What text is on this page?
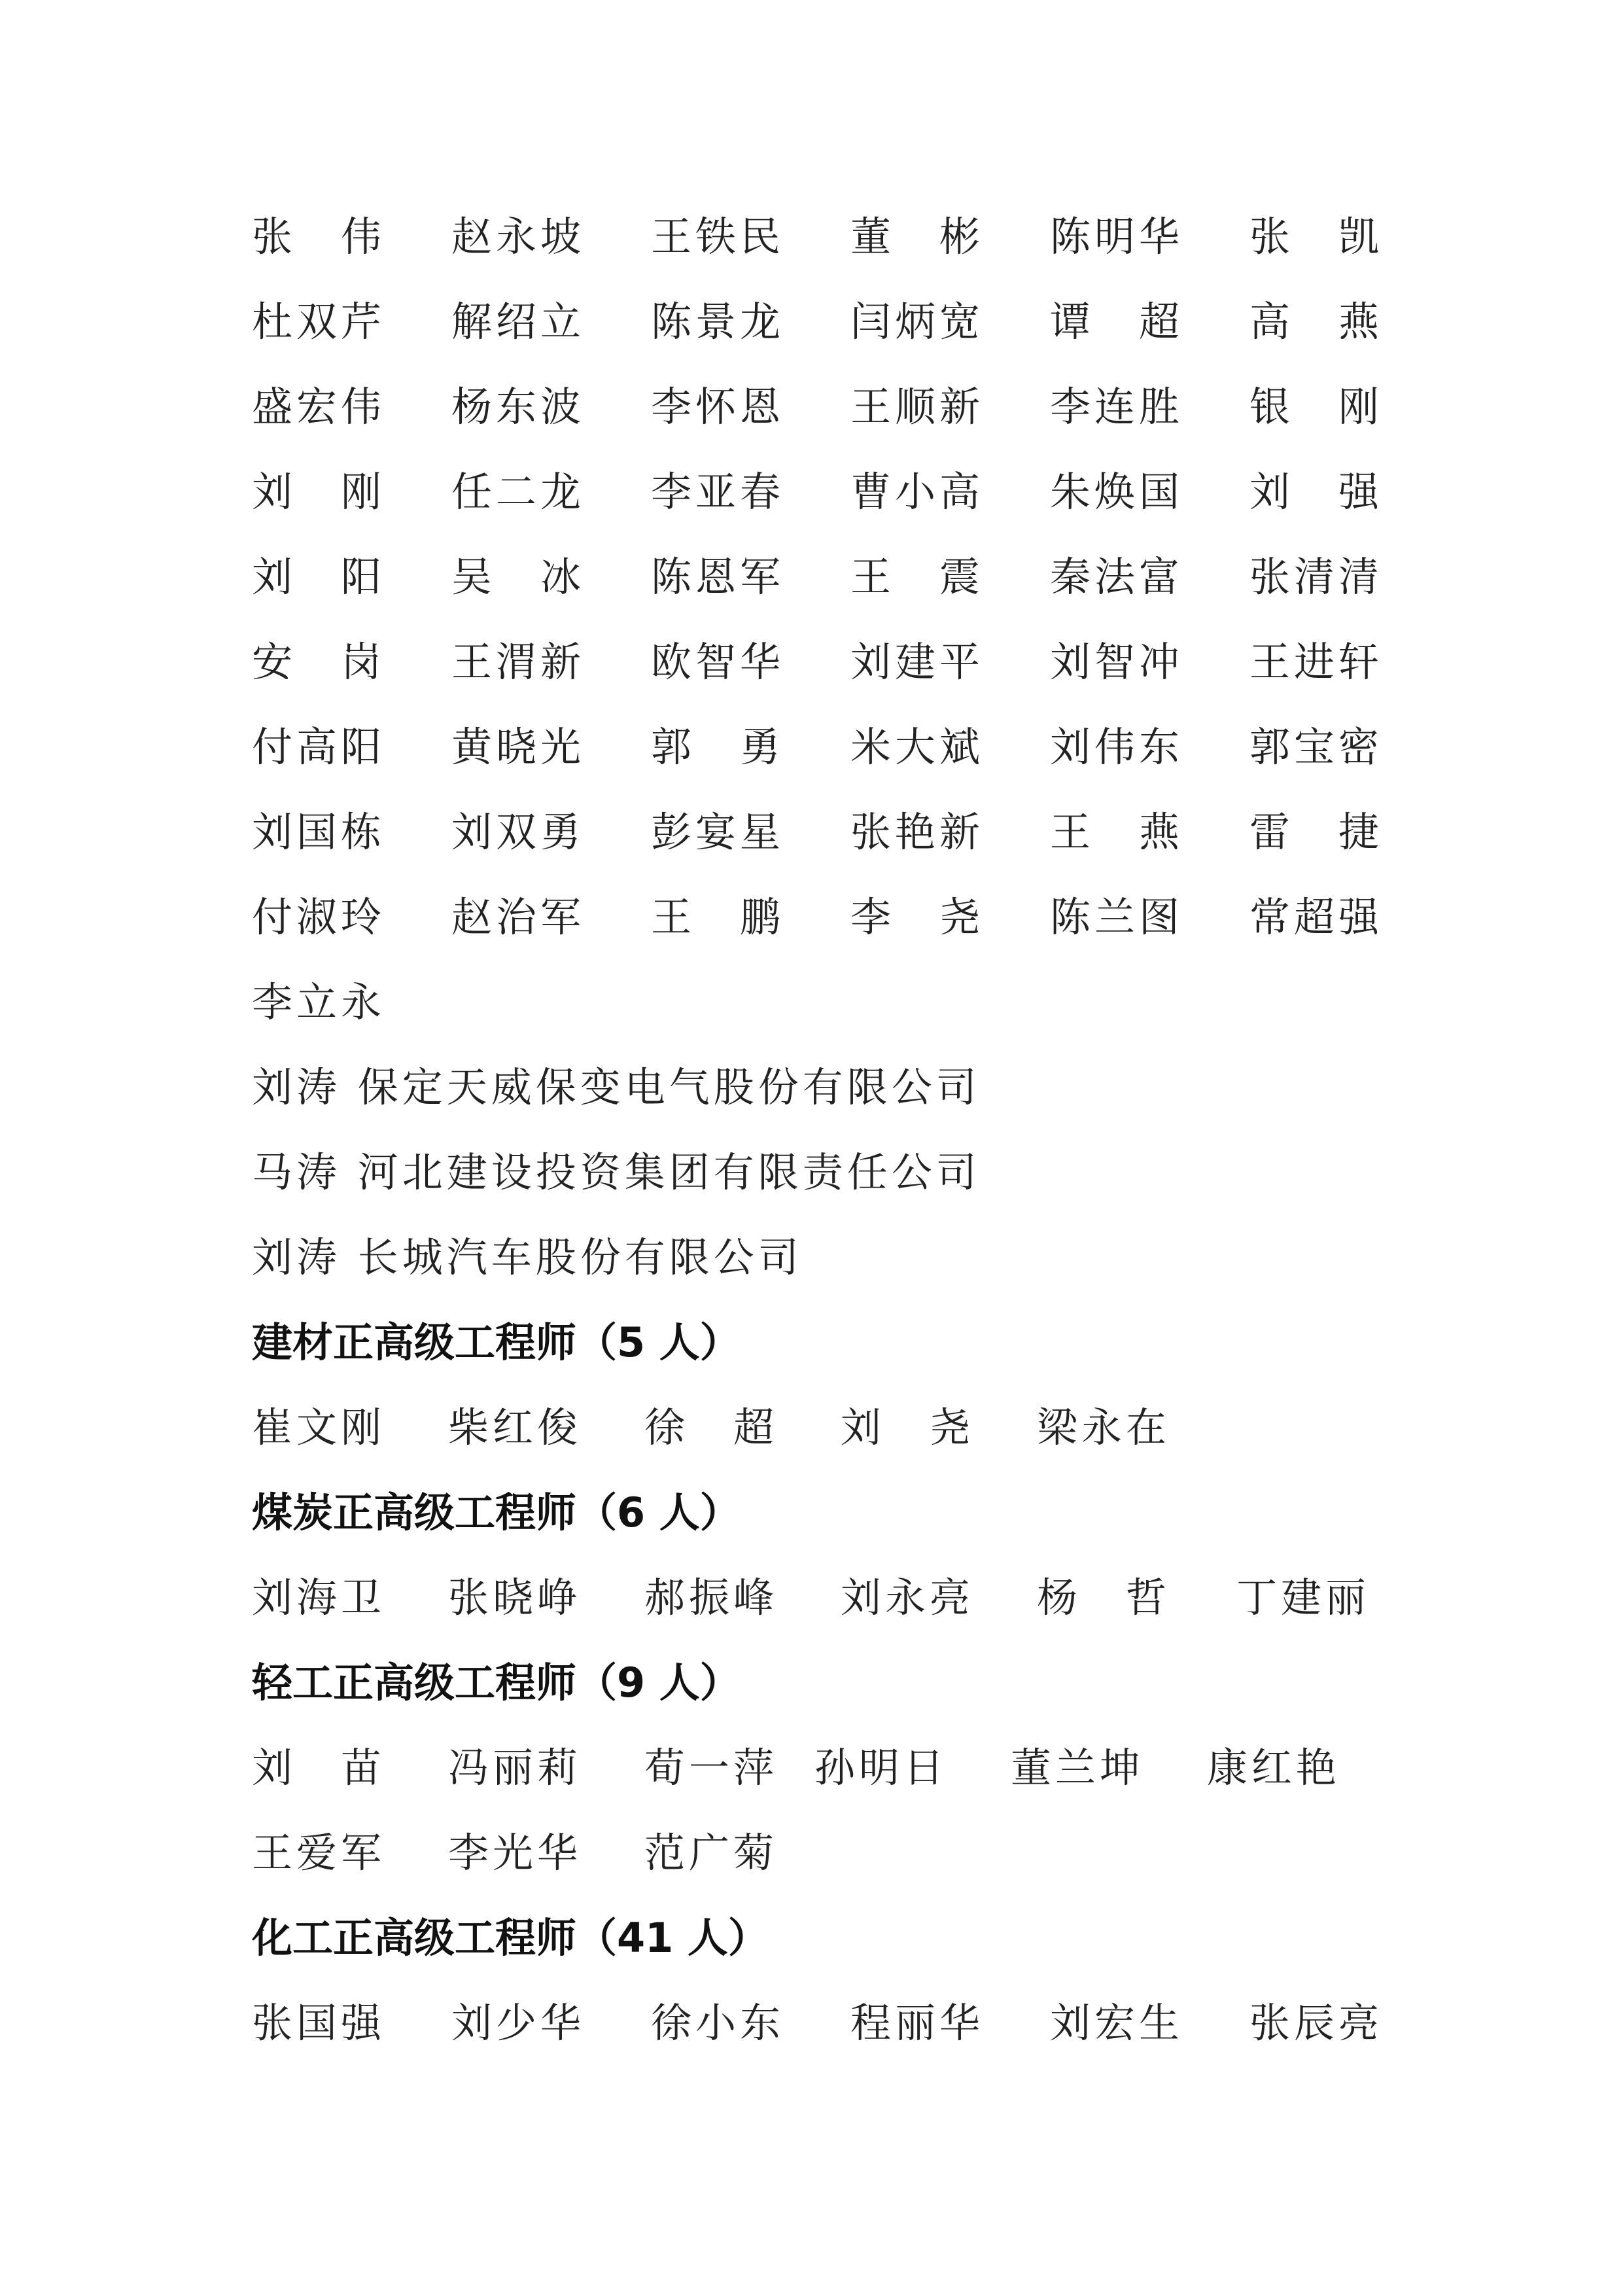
张　伟 赵永坡 王铁民 董　彬 陈明华 张　凯
杜双芹 解绍立 陈景龙 闫炳宽 谭　超 高　燕
盛宏伟 杨东波 李怀恩 王顺新 李连胜 银　刚
刘　刚 任二龙 李亚春 曹小高 朱焕国 刘　强
刘　阳 吴　冰 陈恩军 王　震 秦法富 张清清
安　岗 王渭新 欧智华 刘建平 刘智冲 王进轩
付高阳 黄晓光 郭　勇 米大斌 刘伟东 郭宝密
刘国栋 刘双勇 彭宴星 张艳新 王　燕 雷　捷
付淑玲 赵治军 王　鹏 李　尧 陈兰图 常超强
李立永
刘涛 保定天威保变电气股份有限公司
马涛 河北建设投资集团有限责任公司
刘涛 长城汽车股份有限公司
建材正高级工程师（5 人）
崔文刚 柴红俊 徐　超 刘　尧 梁永在
煤炭正高级工程师（6 人）
刘海卫 张晓峥 郝振峰 刘永亮 杨　哲 丁建丽
轻工正高级工程师（9 人）
刘　苗 冯丽莉 荀一萍 孙明日 董兰坤 康红艳
王爱军 李光华 范广菊
化工正高级工程师（41 人）
张国强 刘少华 徐小东 程丽华 刘宏生 张辰亮
